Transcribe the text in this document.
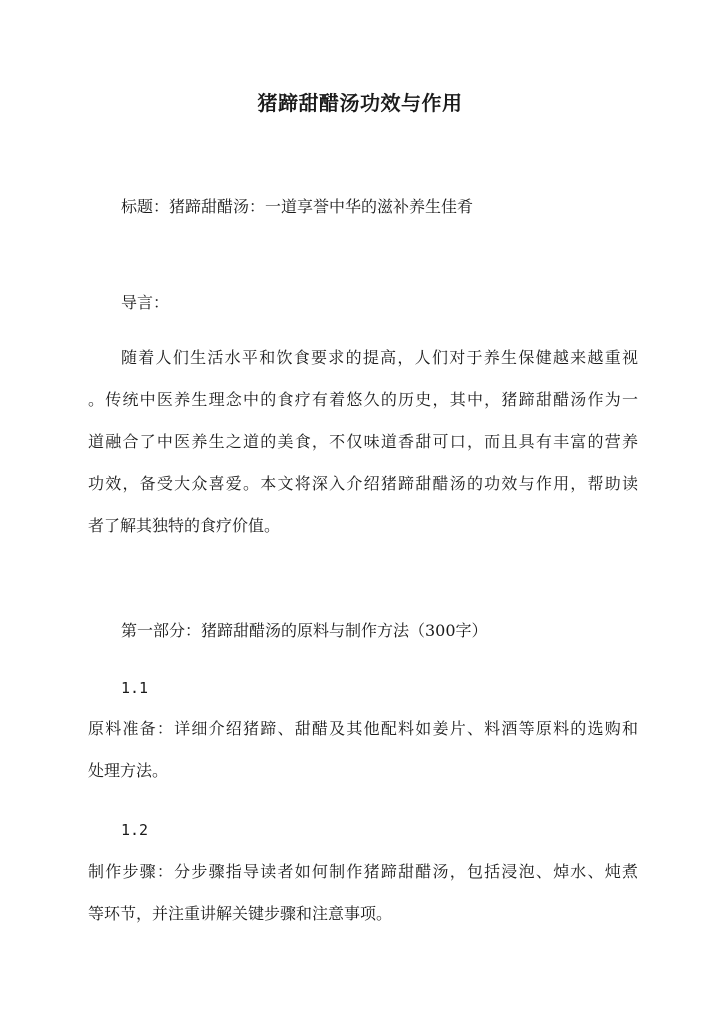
猪蹄甜醋汤功效与作用
标题：猪蹄甜醋汤：一道享誉中华的滋补养生佳肴
导言：
随着人们生活水平和饮食要求的提高，人们对于养生保健越来越重视
。传统中医养生理念中的食疗有着悠久的历史，其中，猪蹄甜醋汤作为一
道融合了中医养生之道的美食，不仅味道香甜可口，而且具有丰富的营养
功效，备受大众喜爱。本文将深入介绍猪蹄甜醋汤的功效与作用，帮助读
者了解其独特的食疗价值。
第一部分：猪蹄甜醋汤的原料与制作方法（300字）
1.1
原料准备：详细介绍猪蹄、甜醋及其他配料如姜片、料酒等原料的选购和
处理方法。
1.2
制作步骤：分步骤指导读者如何制作猪蹄甜醋汤，包括浸泡、焯水、炖煮
等环节，并注重讲解关键步骤和注意事项。
